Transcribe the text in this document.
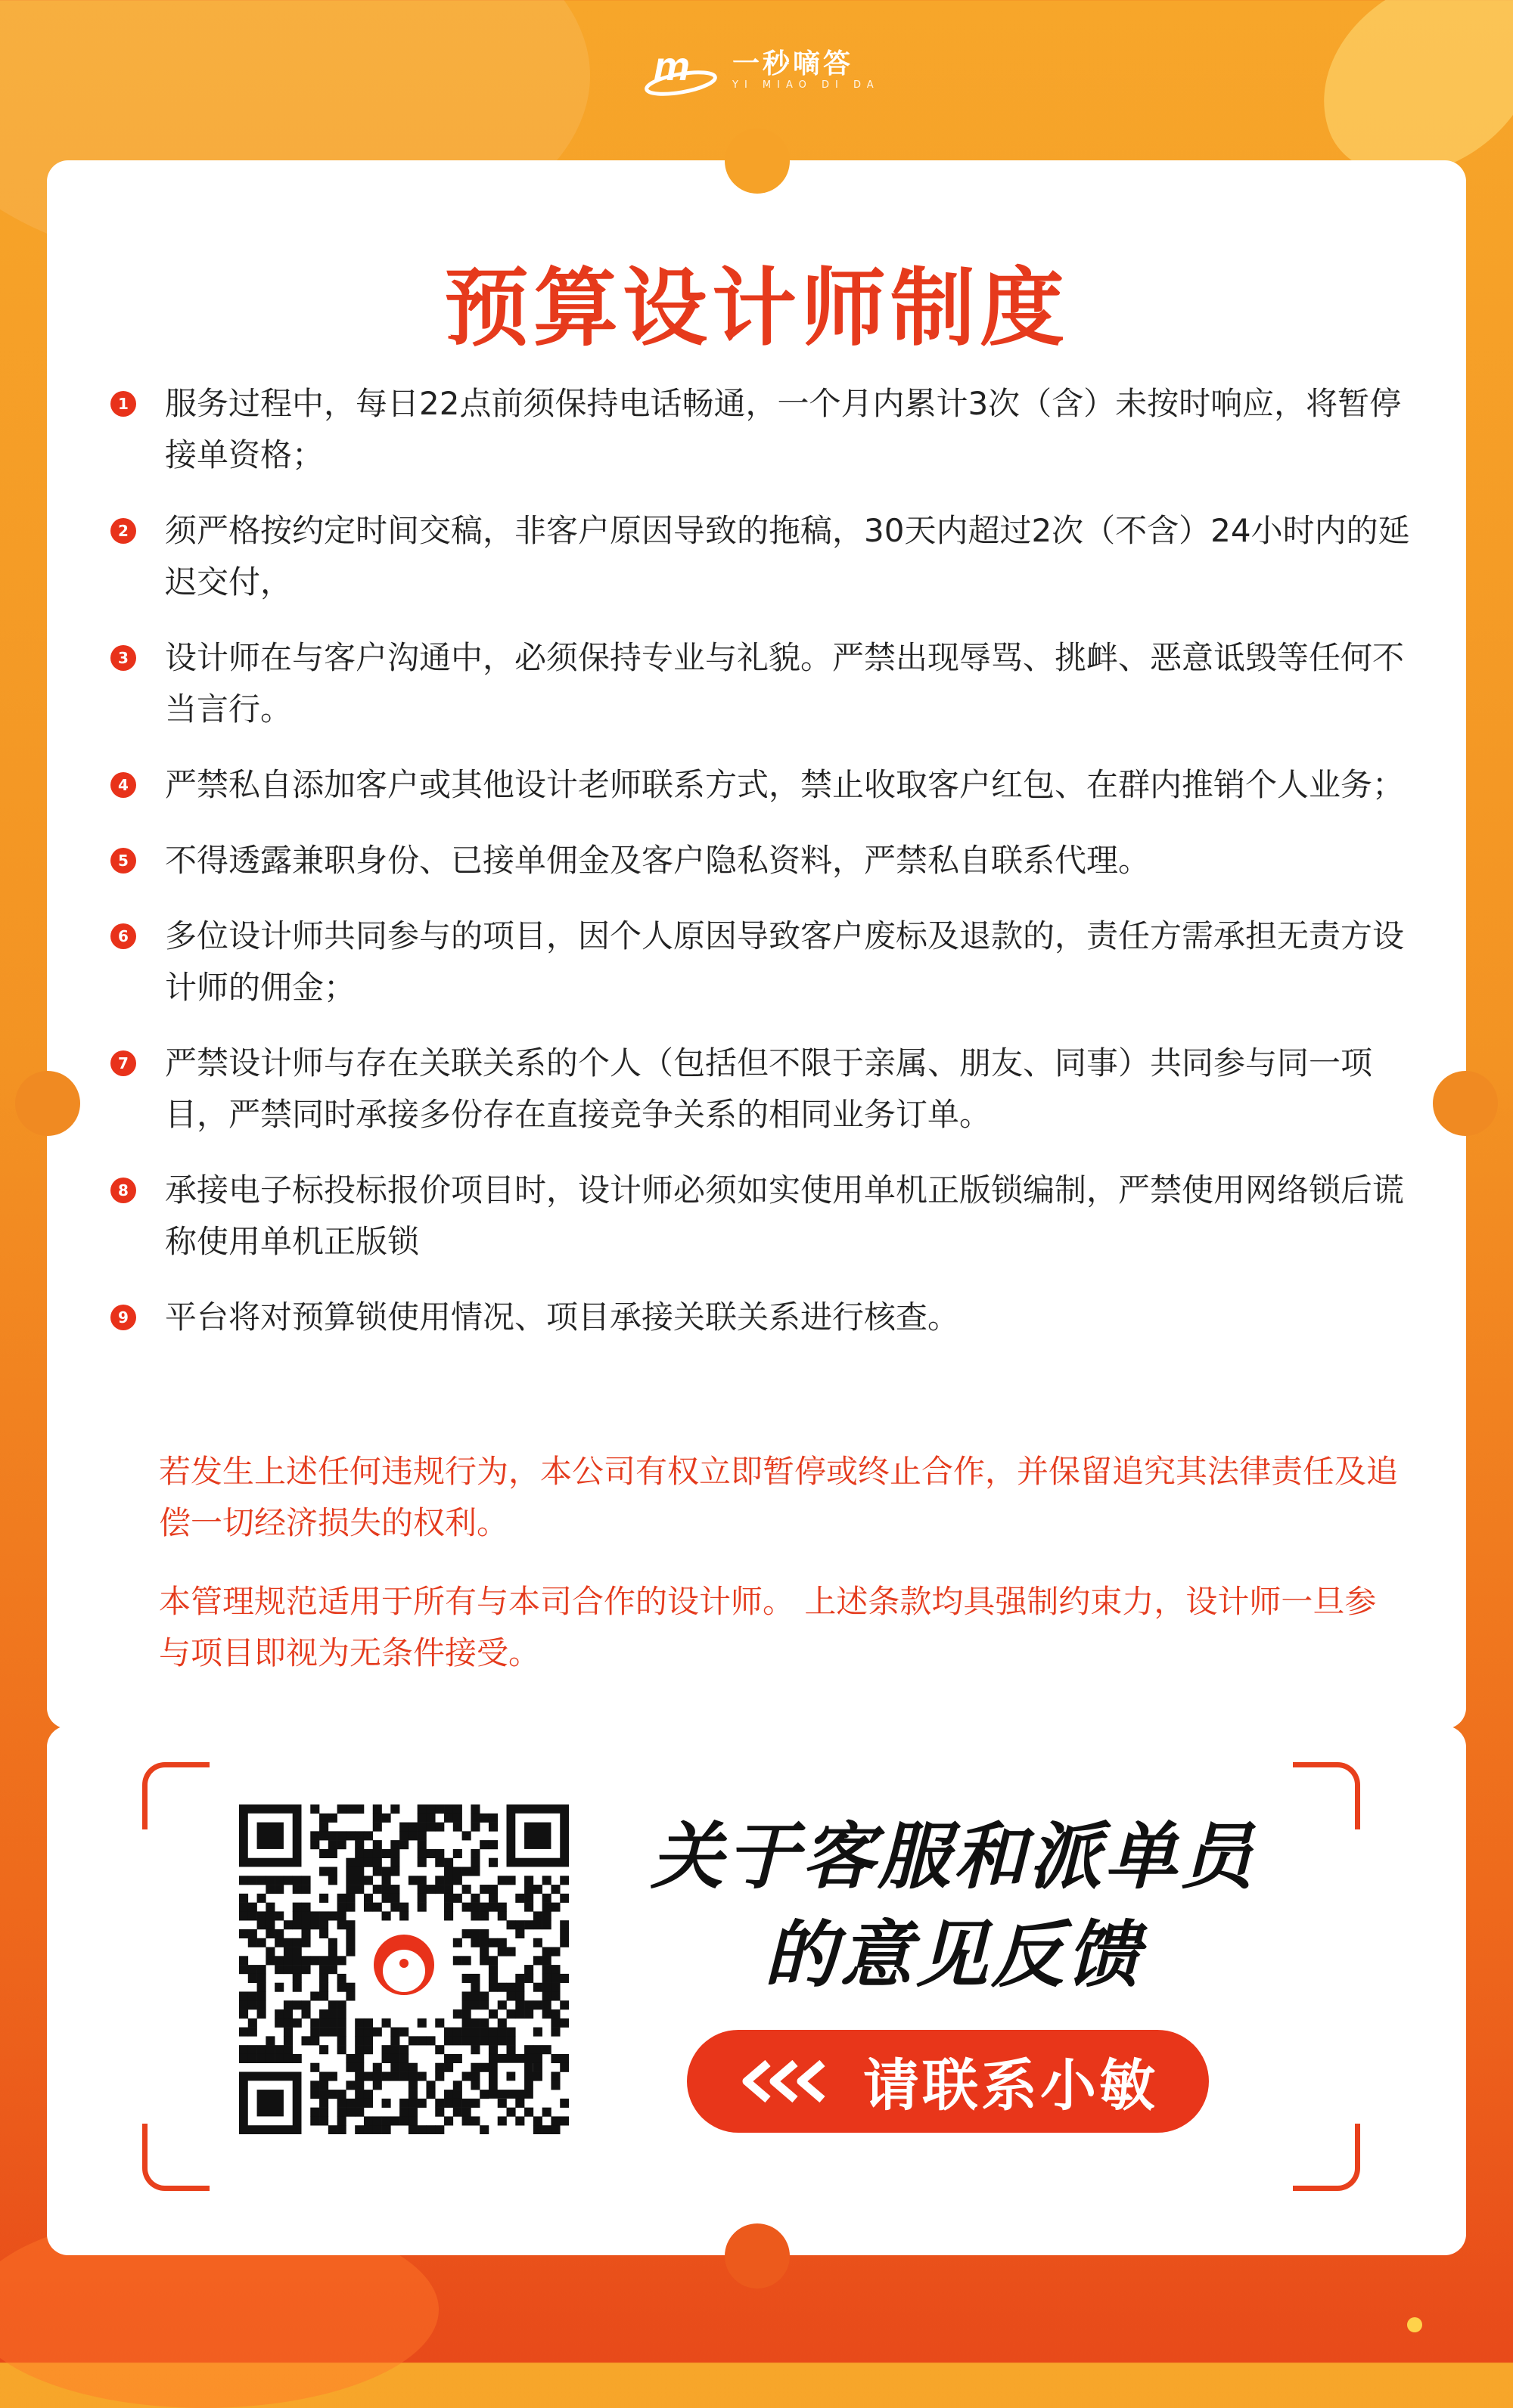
m 一秒嘀答
YI MIAO DI DA
预算设计师制度
1 服务过程中，每日22点前须保持电话畅通，一个月内累计3次（含）未按时响应，将暂停接单资格；
2 须严格按约定时间交稿，非客户原因导致的拖稿，30天内超过2次（不含）24小时内的延迟交付，
3 设计师在与客户沟通中，必须保持专业与礼貌。严禁出现辱骂、挑衅、恶意诋毁等任何不当言行。
4 严禁私自添加客户或其他设计老师联系方式，禁止收取客户红包、在群内推销个人业务；
5 不得透露兼职身份、已接单佣金及客户隐私资料，严禁私自联系代理。
6 多位设计师共同参与的项目，因个人原因导致客户废标及退款的，责任方需承担无责方设计师的佣金；
7 严禁设计师与存在关联关系的个人（包括但不限于亲属、朋友、同事）共同参与同一项目，严禁同时承接多份存在直接竞争关系的相同业务订单。
8 承接电子标投标报价项目时，设计师必须如实使用单机正版锁编制，严禁使用网络锁后谎称使用单机正版锁
9 平台将对预算锁使用情况、项目承接关联关系进行核查。
若发生上述任何违规行为，本公司有权立即暂停或终止合作，并保留追究其法律责任及追偿一切经济损失的权利。
本管理规范适用于所有与本司合作的设计师。 上述条款均具强制约束力，设计师一旦参与项目即视为无条件接受。
关于客服和派单员
的意见反馈
请联系小敏
